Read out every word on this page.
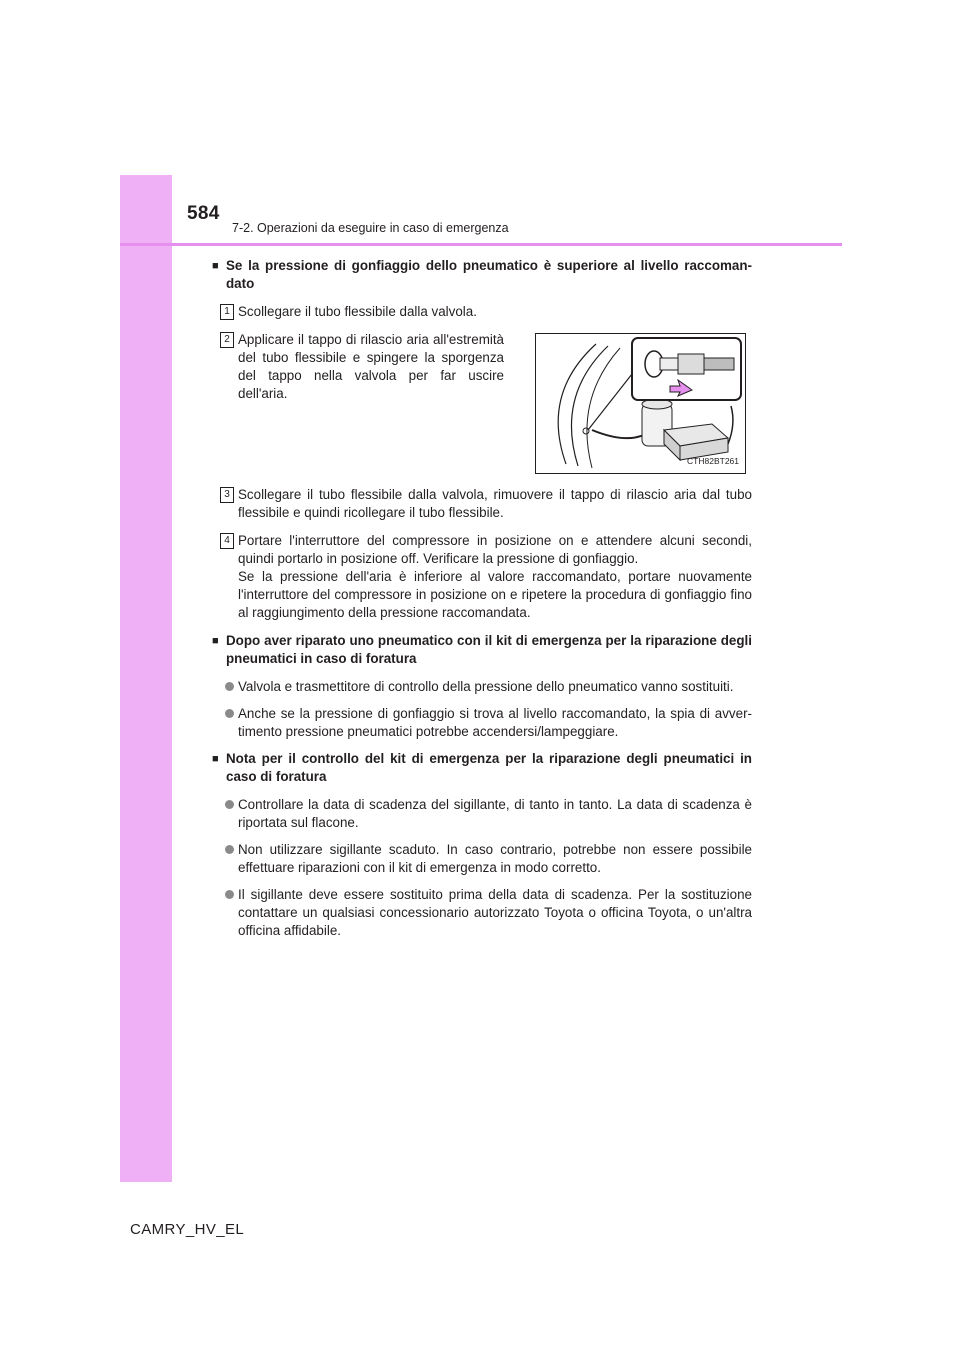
584
7-2. Operazioni da eseguire in caso di emergenza
■ Se la pressione di gonfiaggio dello pneumatico è superiore al livello raccoman-dato
1 Scollegare il tubo flessibile dalla valvola.
2 Applicare il tappo di rilascio aria all'estremità del tubo flessibile e spingere la sporgenza del tappo nella valvola per far uscire dell'aria.
CTH82BT261
3 Scollegare il tubo flessibile dalla valvola, rimuovere il tappo di rilascio aria dal tubo flessibile e quindi ricollegare il tubo flessibile.
4 Portare l'interruttore del compressore in posizione on e attendere alcuni secondi, quindi portarlo in posizione off. Verificare la pressione di gonfiaggio.
Se la pressione dell'aria è inferiore al valore raccomandato, portare nuovamente l'interruttore del compressore in posizione on e ripetere la procedura di gonfiaggio fino al raggiungimento della pressione raccomandata.
■ Dopo aver riparato uno pneumatico con il kit di emergenza per la riparazione degli pneumatici in caso di foratura
Valvola e trasmettitore di controllo della pressione dello pneumatico vanno sostituiti.
Anche se la pressione di gonfiaggio si trova al livello raccomandato, la spia di avver-timento pressione pneumatici potrebbe accendersi/lampeggiare.
■ Nota per il controllo del kit di emergenza per la riparazione degli pneumatici in caso di foratura
Controllare la data di scadenza del sigillante, di tanto in tanto. La data di scadenza è riportata sul flacone.
Non utilizzare sigillante scaduto. In caso contrario, potrebbe non essere possibile effettuare riparazioni con il kit di emergenza in modo corretto.
Il sigillante deve essere sostituito prima della data di scadenza. Per la sostituzione contattare un qualsiasi concessionario autorizzato Toyota o officina Toyota, o un'altra officina affidabile.
CAMRY_HV_EL
